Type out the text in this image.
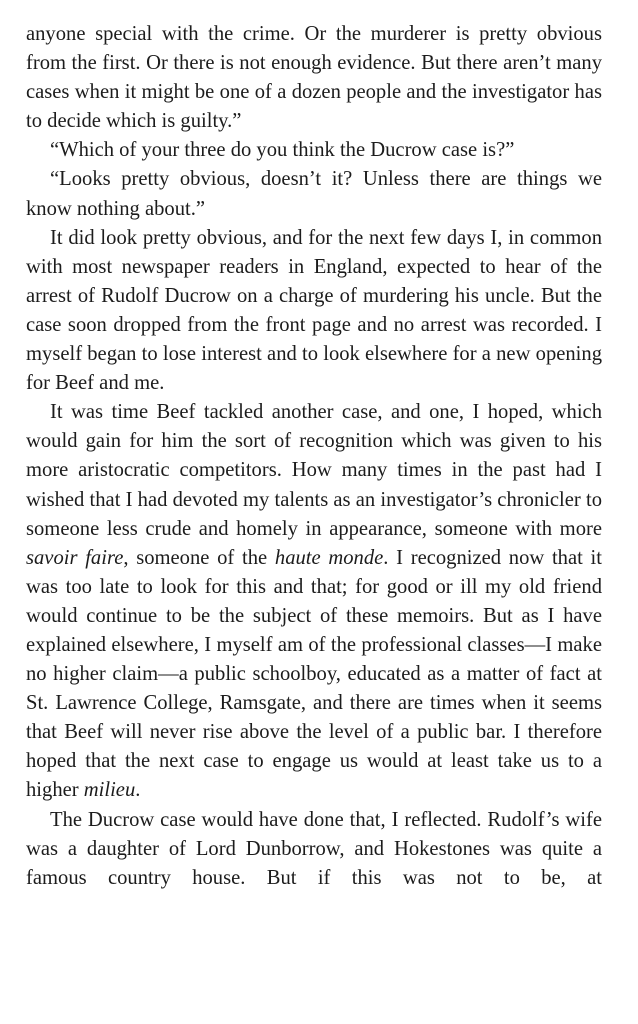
anyone special with the crime. Or the murderer is pretty obvious from the first. Or there is not enough evidence. But there aren’t many cases when it might be one of a dozen people and the investigator has to decide which is guilty.”

“Which of your three do you think the Ducrow case is?”

“Looks pretty obvious, doesn’t it? Unless there are things we know nothing about.”

It did look pretty obvious, and for the next few days I, in common with most newspaper readers in England, expected to hear of the arrest of Rudolf Ducrow on a charge of murdering his uncle. But the case soon dropped from the front page and no arrest was recorded. I myself began to lose interest and to look elsewhere for a new opening for Beef and me.

It was time Beef tackled another case, and one, I hoped, which would gain for him the sort of recognition which was given to his more aristocratic competitors. How many times in the past had I wished that I had devoted my talents as an investigator’s chronicler to someone less crude and homely in appearance, someone with more savoir faire, someone of the haute monde. I recognized now that it was too late to look for this and that; for good or ill my old friend would continue to be the subject of these memoirs. But as I have explained elsewhere, I myself am of the professional classes—I make no higher claim—a public schoolboy, educated as a matter of fact at St. Lawrence College, Ramsgate, and there are times when it seems that Beef will never rise above the level of a public bar. I therefore hoped that the next case to engage us would at least take us to a higher milieu.

The Ducrow case would have done that, I reflected. Rudolf’s wife was a daughter of Lord Dunborrow, and Hokestones was quite a famous country house. But if this was not to be, at
